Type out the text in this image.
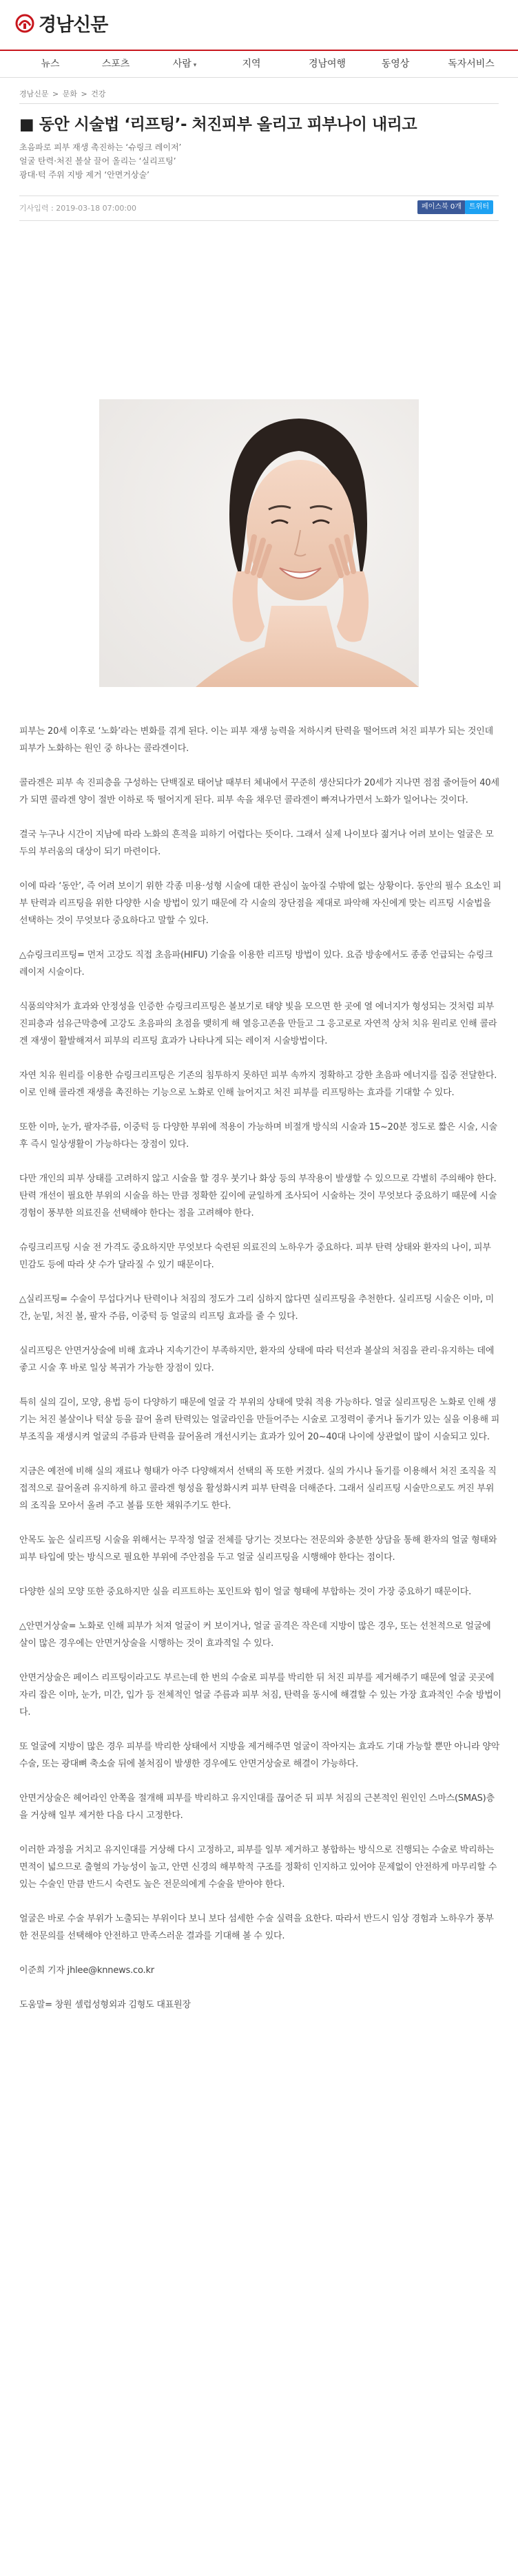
경남신문
뉴스	스포츠	사람 ▾	지역	경남여행	동영상	독자서비스
경남신문 > 문화 > 건강
■ 동안 시술법 ‘리프팅’- 처진피부 올리고 피부나이 내리고
초음파로 피부 재생 촉진하는 ‘슈링크 레이저’
얼굴 탄력·처진 볼살 끌어 올리는 ‘실리프팅’
광대·턱 주위 지방 제거 ‘안면거상술’
기사입력 : 2019-03-18 07:00:00	페이스북 0개	트위터

피부는 20세 이후로 ‘노화’라는 변화를 겪게 된다. 이는 피부 재생 능력을 저하시켜 탄력을 떨어뜨려 처진 피부가 되는 것인데 피부가 노화하는 원인 중 하나는 콜라겐이다.

콜라겐은 피부 속 진피층을 구성하는 단백질로 태어날 때부터 체내에서 꾸준히 생산되다가 20세가 지나면 점점 줄어들어 40세가 되면 콜라겐 양이 절반 이하로 뚝 떨어지게 된다. 피부 속을 채우던 콜라겐이 빠져나가면서 노화가 일어나는 것이다.

결국 누구나 시간이 지남에 따라 노화의 흔적을 피하기 어렵다는 뜻이다. 그래서 실제 나이보다 젊거나 어려 보이는 얼굴은 모두의 부러움의 대상이 되기 마련이다.

이에 따라 ‘동안’, 즉 어려 보이기 위한 각종 미용·성형 시술에 대한 관심이 높아질 수밖에 없는 상황이다. 동안의 필수 요소인 피부 탄력과 리프팅을 위한 다양한 시술 방법이 있기 때문에 각 시술의 장단점을 제대로 파악해 자신에게 맞는 리프팅 시술법을 선택하는 것이 무엇보다 중요하다고 말할 수 있다.

△슈링크리프팅= 먼저 고강도 직접 초음파(HIFU) 기술을 이용한 리프팅 방법이 있다. 요즘 방송에서도 종종 언급되는 슈링크 레이저 시술이다.

식품의약처가 효과와 안정성을 인증한 슈링크리프팅은 볼보기로 태양 빛을 모으면 한 곳에 열 에너지가 형성되는 것처럼 피부 진피층과 섬유근막층에 고강도 초음파의 초점을 맺히게 해 열응고존을 만들고 그 응고로로 자연적 상처 치유 원리로 인해 콜라겐 재생이 활발해져서 피부의 리프팅 효과가 나타나게 되는 레이저 시술방법이다.

자연 치유 원리를 이용한 슈링크리프팅은 기존의 침투하지 못하던 피부 속까지 정확하고 강한 초음파 에너지를 집중 전달한다. 이로 인해 콜라겐 재생을 촉진하는 기능으로 노화로 인해 늘어지고 처진 피부를 리프팅하는 효과를 기대할 수 있다.

또한 이마, 눈가, 팔자주름, 이중턱 등 다양한 부위에 적용이 가능하며 비절개 방식의 시술과 15~20분 정도로 짧은 시술, 시술 후 즉시 일상생활이 가능하다는 장점이 있다.

다만 개인의 피부 상태를 고려하지 않고 시술을 할 경우 붓기나 화상 등의 부작용이 발생할 수 있으므로 각별히 주의해야 한다. 탄력 개선이 필요한 부위의 시술을 하는 만큼 정확한 깊이에 균일하게 조사되어 시술하는 것이 무엇보다 중요하기 때문에 시술 경험이 풍부한 의료진을 선택해야 한다는 점을 고려해야 한다.

슈링크리프팅 시술 전 가격도 중요하지만 무엇보다 숙련된 의료진의 노하우가 중요하다. 피부 탄력 상태와 환자의 나이, 피부 민감도 등에 따라 샷 수가 달라질 수 있기 때문이다.

△실리프팅= 수술이 무섭다거나 탄력이나 처짐의 정도가 그리 심하지 않다면 실리프팅을 추천한다. 실리프팅 시술은 이마, 미간, 눈밑, 처진 볼, 팔자 주름, 이중턱 등 얼굴의 리프팅 효과를 줄 수 있다.

실리프팅은 안면거상술에 비해 효과나 지속기간이 부족하지만, 환자의 상태에 따라 턱선과 볼살의 처짐을 관리·유지하는 데에 좋고 시술 후 바로 일상 복귀가 가능한 장점이 있다.

특히 실의 길이, 모양, 용법 등이 다양하기 때문에 얼굴 각 부위의 상태에 맞춰 적용 가능하다. 얼굴 실리프팅은 노화로 인해 생기는 처진 볼살이나 턱살 등을 끌어 올려 탄력있는 얼굴라인을 만들어주는 시술로 고정력이 좋거나 돌기가 있는 실을 이용해 피부조직을 재생시켜 얼굴의 주름과 탄력을 끌어올려 개선시키는 효과가 있어 20~40대 나이에 상관없이 많이 시술되고 있다.

지금은 예전에 비해 실의 재료나 형태가 아주 다양해져서 선택의 폭 또한 커졌다. 실의 가시나 돌기를 이용해서 처진 조직을 직접적으로 끌어올려 유지하게 하고 콜라겐 형성을 활성화시켜 피부 탄력을 더해준다. 그래서 실리프팅 시술만으로도 꺼진 부위의 조직을 모아서 올려 주고 볼륨 또한 채워주기도 한다.

안목도 높은 실리프팅 시술을 위해서는 무작정 얼굴 전체를 당기는 것보다는 전문의와 충분한 상담을 통해 환자의 얼굴 형태와 피부 타입에 맞는 방식으로 필요한 부위에 주안점을 두고 얼굴 실리프팅을 시행해야 한다는 점이다.

다양한 실의 모양 또한 중요하지만 실을 리프트하는 포인트와 힘이 얼굴 형태에 부합하는 것이 가장 중요하기 때문이다.

△안면거상술= 노화로 인해 피부가 처져 얼굴이 커 보이거나, 얼굴 골격은 작은데 지방이 많은 경우, 또는 선천적으로 얼굴에 살이 많은 경우에는 안면거상술을 시행하는 것이 효과적일 수 있다.

안면거상술은 페이스 리프팅이라고도 부르는데 한 번의 수술로 피부를 박리한 뒤 처진 피부를 제거해주기 때문에 얼굴 곳곳에 자리 잡은 이마, 눈가, 미간, 입가 등 전체적인 얼굴 주름과 피부 처짐, 탄력을 동시에 해결할 수 있는 가장 효과적인 수술 방법이다.

또 얼굴에 지방이 많은 경우 피부를 박리한 상태에서 지방을 제거해주면 얼굴이 작아지는 효과도 기대 가능할 뿐만 아니라 양악수술, 또는 광대뼈 축소술 뒤에 볼처짐이 발생한 경우에도 안면거상술로 해결이 가능하다.

안면거상술은 헤어라인 안쪽을 절개해 피부를 박리하고 유지인대를 끊어준 뒤 피부 처짐의 근본적인 원인인 스마스(SMAS)층을 거상해 일부 제거한 다음 다시 고정한다.

이러한 과정을 거치고 유지인대를 거상해 다시 고정하고, 피부를 일부 제거하고 봉합하는 방식으로 진행되는 수술로 박리하는 면적이 넓으므로 출혈의 가능성이 높고, 안면 신경의 해부학적 구조를 정확히 인지하고 있어야 문제없이 안전하게 마무리할 수 있는 수술인 만큼 반드시 숙련도 높은 전문의에게 수술을 받아야 한다.

얼굴은 바로 수술 부위가 노출되는 부위이다 보니 보다 섬세한 수술 실력을 요한다. 따라서 반드시 임상 경험과 노하우가 풍부한 전문의를 선택해야 안전하고 만족스러운 결과를 기대해 볼 수 있다.

이준희 기자 jhlee@knnews.co.kr

도움말= 창원 셀럽성형외과 김형도 대표원장
